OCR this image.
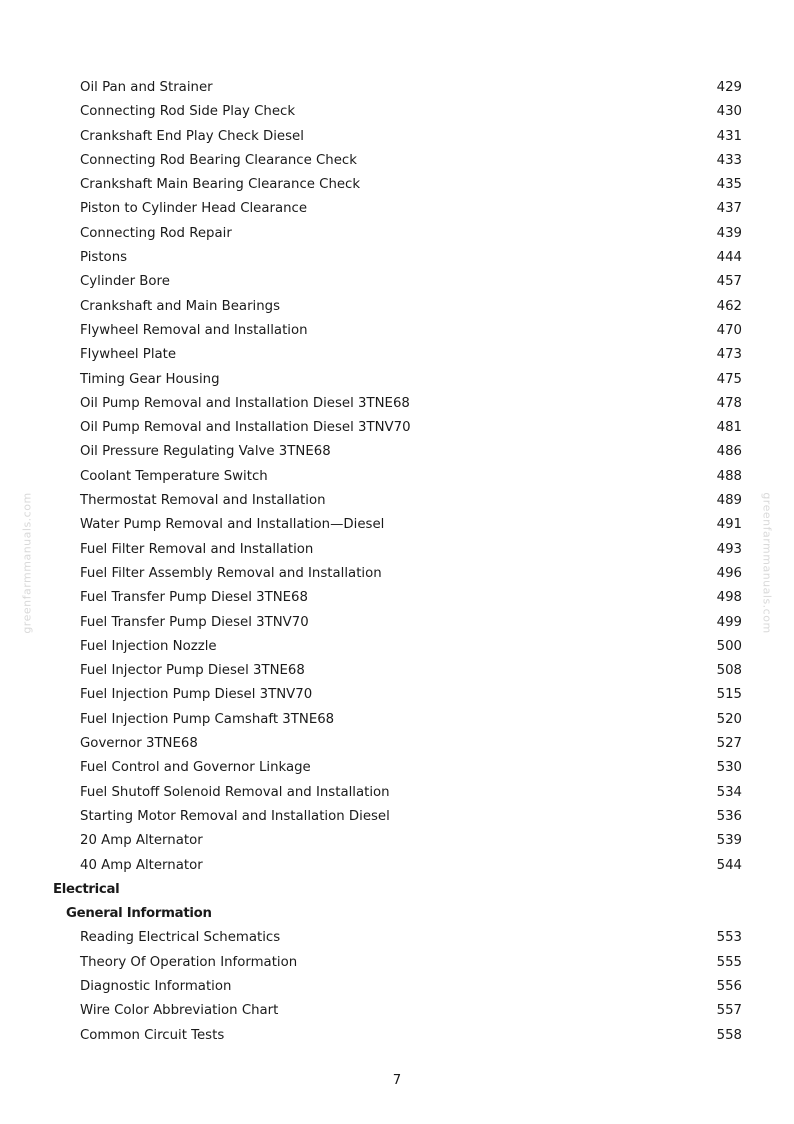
greenfarmmanuals.com	greenfarmmanuals.com
Oil Pan and Strainer	429
Connecting Rod Side Play Check	430
Crankshaft End Play Check Diesel	431
Connecting Rod Bearing Clearance Check	433
Crankshaft Main Bearing Clearance Check	435
Piston to Cylinder Head Clearance	437
Connecting Rod Repair	439
Pistons	444
Cylinder Bore	457
Crankshaft and Main Bearings	462
Flywheel Removal and Installation	470
Flywheel Plate	473
Timing Gear Housing	475
Oil Pump Removal and Installation Diesel 3TNE68	478
Oil Pump Removal and Installation Diesel 3TNV70	481
Oil Pressure Regulating Valve 3TNE68	486
Coolant Temperature Switch	488
Thermostat Removal and Installation	489
Water Pump Removal and Installation—Diesel	491
Fuel Filter Removal and Installation	493
Fuel Filter Assembly Removal and Installation	496
Fuel Transfer Pump Diesel 3TNE68	498
Fuel Transfer Pump Diesel 3TNV70	499
Fuel Injection Nozzle	500
Fuel Injector Pump Diesel 3TNE68	508
Fuel Injection Pump Diesel 3TNV70	515
Fuel Injection Pump Camshaft 3TNE68	520
Governor 3TNE68	527
Fuel Control and Governor Linkage	530
Fuel Shutoff Solenoid Removal and Installation	534
Starting Motor Removal and Installation Diesel	536
20 Amp Alternator	539
40 Amp Alternator	544
Electrical
General Information
Reading Electrical Schematics	553
Theory Of Operation Information	555
Diagnostic Information	556
Wire Color Abbreviation Chart	557
Common Circuit Tests	558
7
